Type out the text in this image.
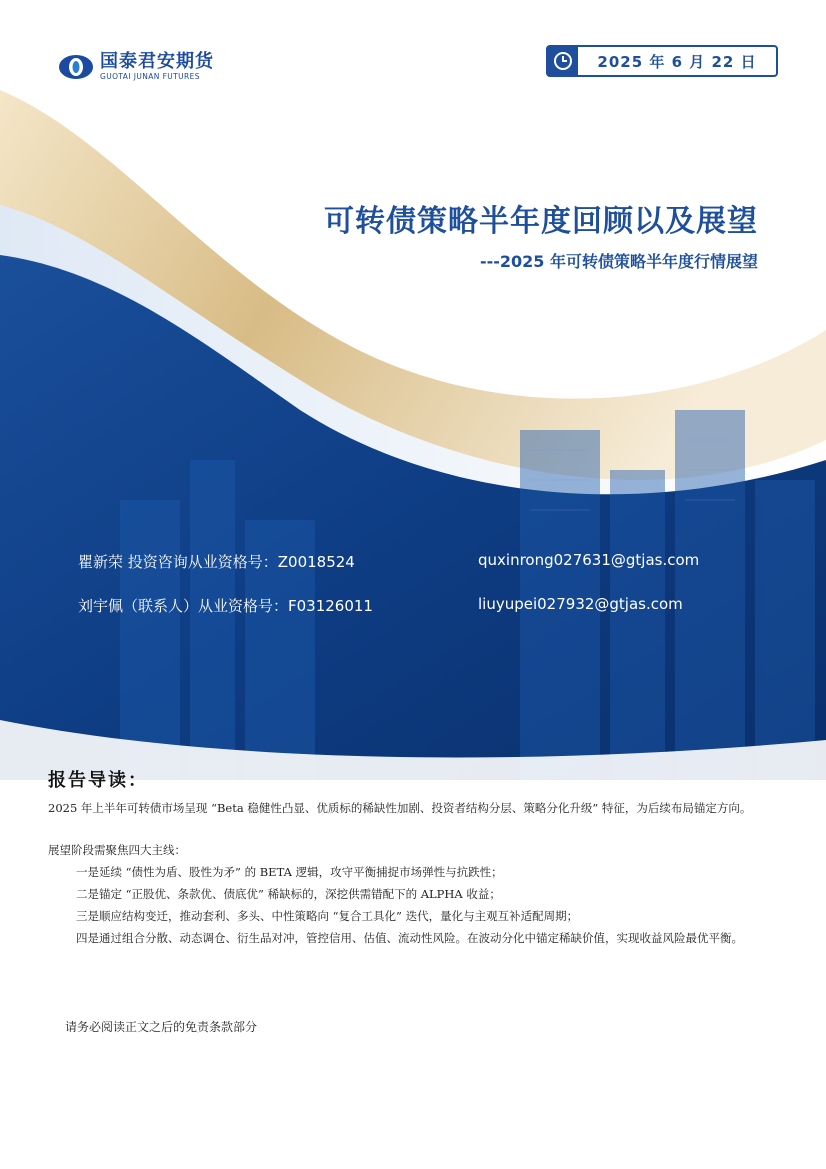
国泰君安期货
GUOTAI JUNAN FUTURES
2025 年 6 月 22 日
可转债策略半年度回顾以及展望
---2025 年可转债策略半年度行情展望
瞿新荣 投资咨询从业资格号：Z0018524	quxinrong027631@gtjas.com
刘宇佩（联系人）从业资格号：F03126011	liuyupei027932@gtjas.com
报告导读：
2025 年上半年可转债市场呈现 “Beta 稳健性凸显、优质标的稀缺性加剧、投资者结构分层、策略分化升级” 特征，为后续布局锚定方向。
展望阶段需聚焦四大主线：
一是延续 “债性为盾、股性为矛” 的 BETA 逻辑，攻守平衡捕捉市场弹性与抗跌性；
二是锚定 “正股优、条款优、债底优” 稀缺标的，深挖供需错配下的 ALPHA 收益；
三是顺应结构变迁，推动套利、多头、中性策略向 “复合工具化” 迭代，量化与主观互补适配周期；
四是通过组合分散、动态调仓、衍生品对冲，管控信用、估值、流动性风险。在波动分化中锚定稀缺价值，实现收益风险最优平衡。
请务必阅读正文之后的免责条款部分
